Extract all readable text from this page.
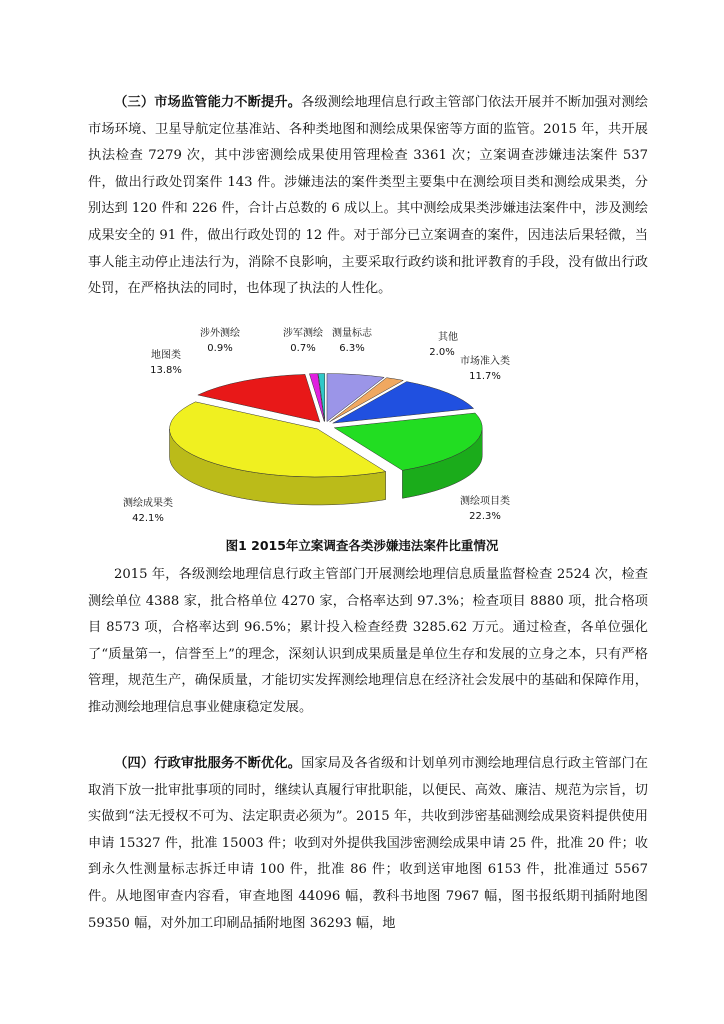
（三）市场监管能力不断提升。各级测绘地理信息行政主管部门依法开展并不断加强对测绘市场环境、卫星导航定位基准站、各种类地图和测绘成果保密等方面的监管。2015 年，共开展执法检查 7279 次，其中涉密测绘成果使用管理检查 3361 次；立案调查涉嫌违法案件 537 件，做出行政处罚案件 143 件。涉嫌违法的案件类型主要集中在测绘项目类和测绘成果类，分别达到 120 件和 226 件，合计占总数的 6 成以上。其中测绘成果类涉嫌违法案件中，涉及测绘成果安全的 91 件，做出行政处罚的 12 件。对于部分已立案调查的案件，因违法后果轻微，当事人能主动停止违法行为，消除不良影响，主要采取行政约谈和批评教育的手段，没有做出行政处罚，在严格执法的同时，也体现了执法的人性化。

测量标志
6.3%
其他
2.0%
市场准入类
11.7%
测绘项目类
22.3%
测绘成果类
42.1%
地图类
13.8%
涉外测绘
0.9%
涉军测绘
0.7%
图1 2015年立案调查各类涉嫌违法案件比重情况

2015 年，各级测绘地理信息行政主管部门开展测绘地理信息质量监督检查 2524 次，检查测绘单位 4388 家，批合格单位 4270 家，合格率达到 97.3%；检查项目 8880 项，批合格项目 8573 项，合格率达到 96.5%；累计投入检查经费 3285.62 万元。通过检查，各单位强化了“质量第一，信誉至上”的理念，深刻认识到成果质量是单位生存和发展的立身之本，只有严格管理，规范生产，确保质量，才能切实发挥测绘地理信息在经济社会发展中的基础和保障作用，推动测绘地理信息事业健康稳定发展。

（四）行政审批服务不断优化。国家局及各省级和计划单列市测绘地理信息行政主管部门在取消下放一批审批事项的同时，继续认真履行审批职能，以便民、高效、廉洁、规范为宗旨，切实做到“法无授权不可为、法定职责必须为”。2015 年，共收到涉密基础测绘成果资料提供使用申请 15327 件，批准 15003 件；收到对外提供我国涉密测绘成果申请 25 件，批准 20 件；收到永久性测量标志拆迁申请 100 件，批准 86 件；收到送审地图 6153 件，批准通过 5567 件。从地图审查内容看，审查地图 44096 幅，教科书地图 7967 幅，图书报纸期刊插附地图 59350 幅，对外加工印刷品插附地图 36293 幅，地
